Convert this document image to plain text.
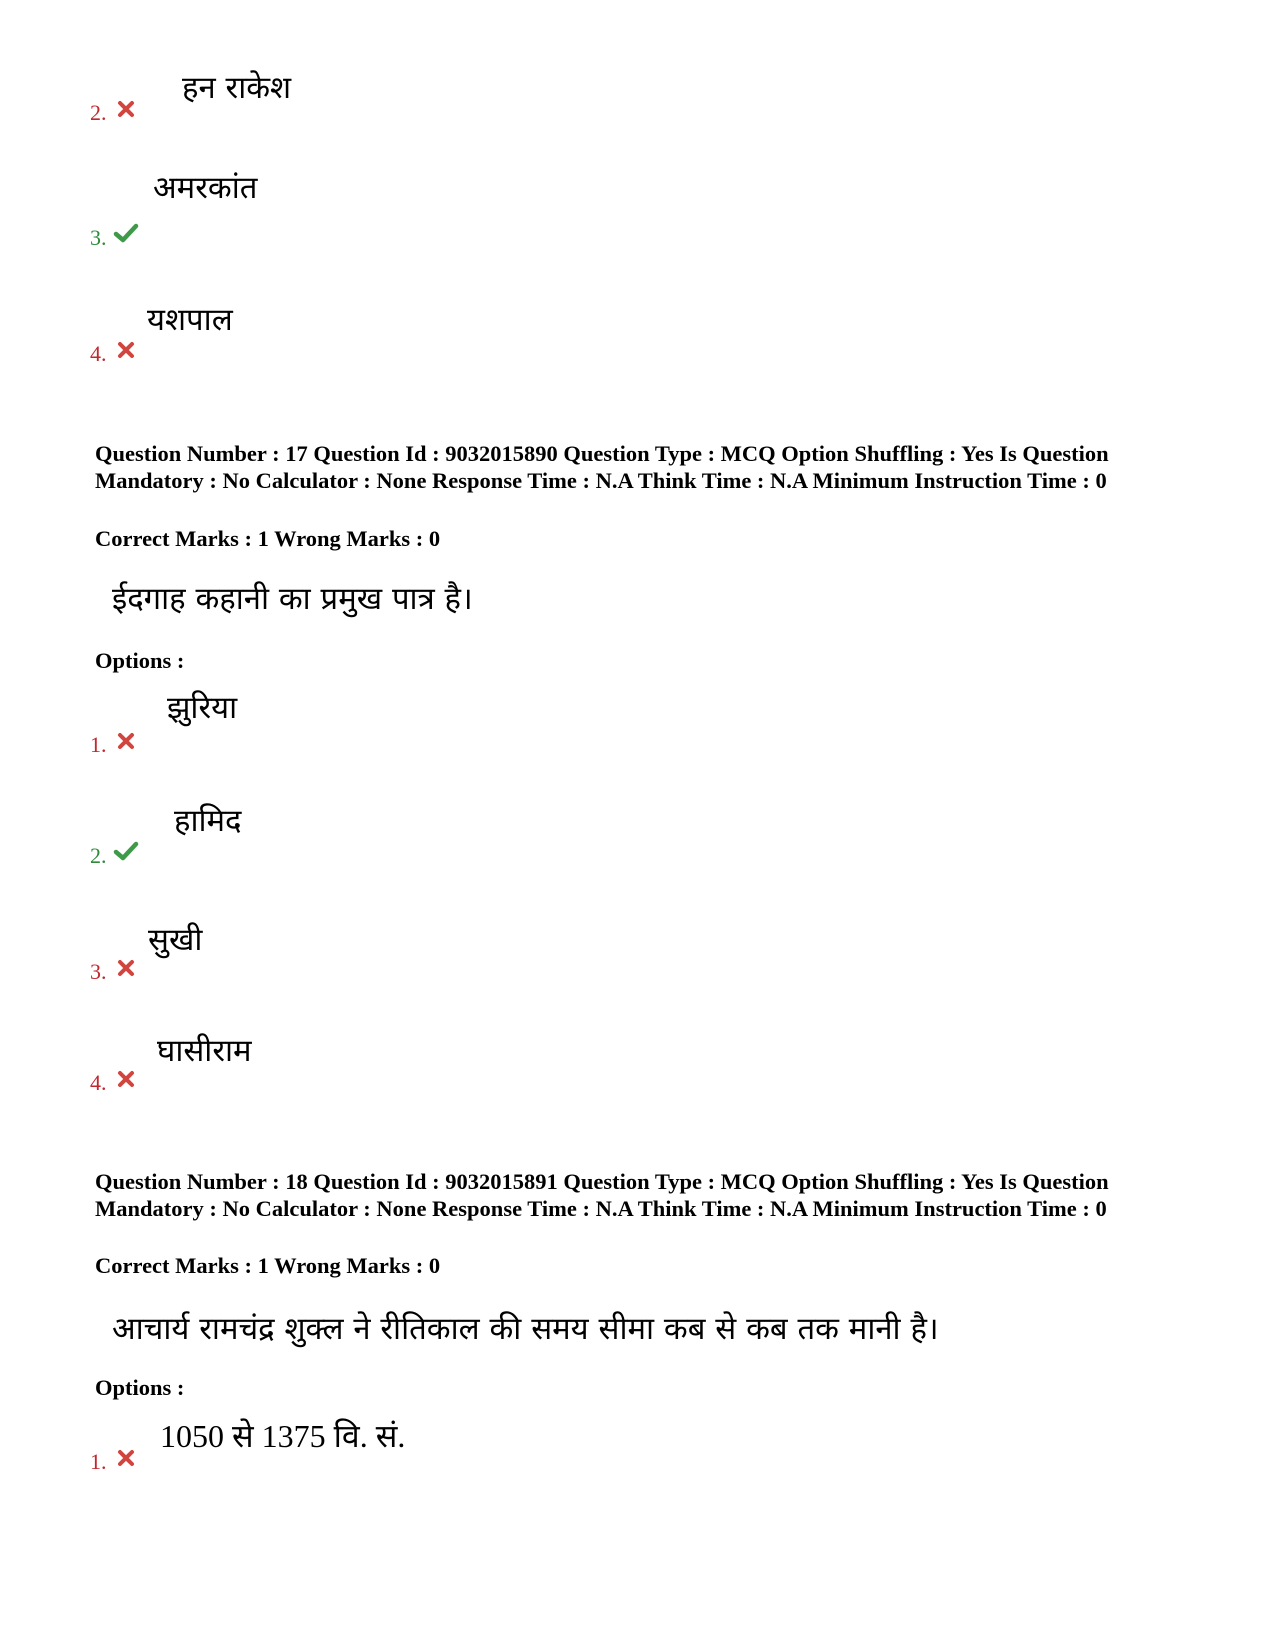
हन राकेश
2.
अमरकांत
3.
यशपाल
4.
Question Number : 17 Question Id : 9032015890 Question Type : MCQ Option Shuffling : Yes Is Question Mandatory : No Calculator : None Response Time : N.A Think Time : N.A Minimum Instruction Time : 0
Correct Marks : 1 Wrong Marks : 0
ईदगाह कहानी का प्रमुख पात्र है।
Options :
झुरिया
1.
हामिद
2.
सुखी
3.
घासीराम
4.
Question Number : 18 Question Id : 9032015891 Question Type : MCQ Option Shuffling : Yes Is Question Mandatory : No Calculator : None Response Time : N.A Think Time : N.A Minimum Instruction Time : 0
Correct Marks : 1 Wrong Marks : 0
आचार्य रामचंद्र शुक्ल ने रीतिकाल की समय सीमा कब से कब तक मानी है।
Options :
1050 से 1375 वि. सं.
1.
